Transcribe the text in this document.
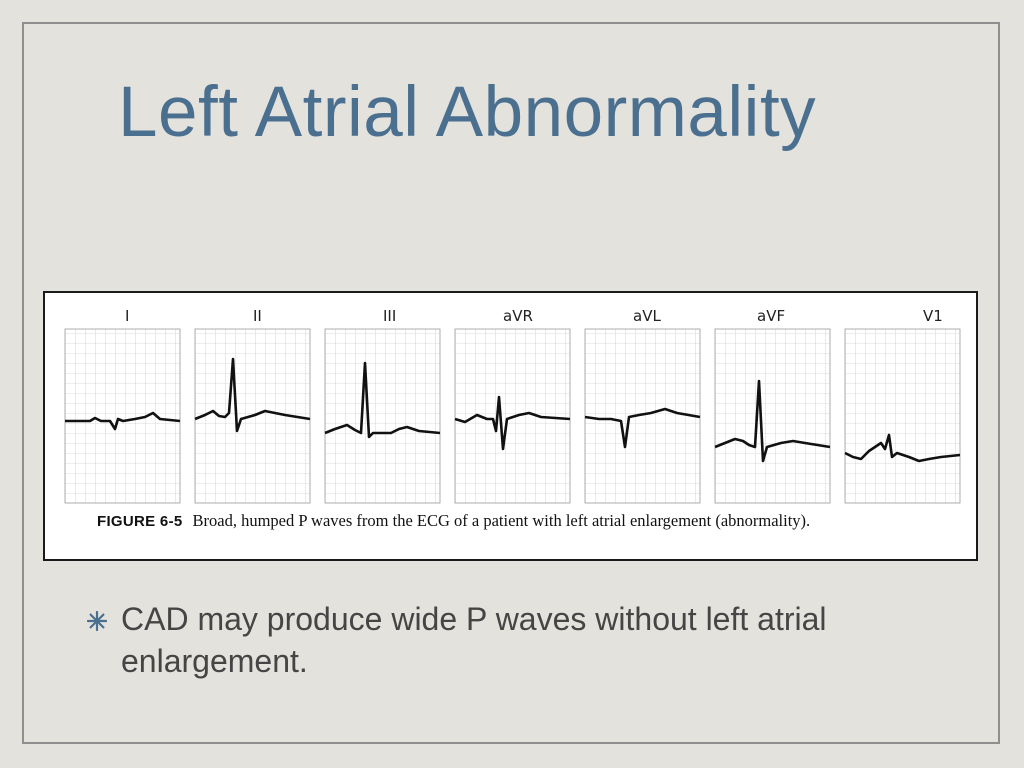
Left Atrial Abnormality
I	II	III	aVR	aVL	aVF	V1
FIGURE 6-5 Broad, humped P waves from the ECG of a patient with left atrial enlargement (abnormality).
CAD may produce wide P waves without left atrial enlargement.
